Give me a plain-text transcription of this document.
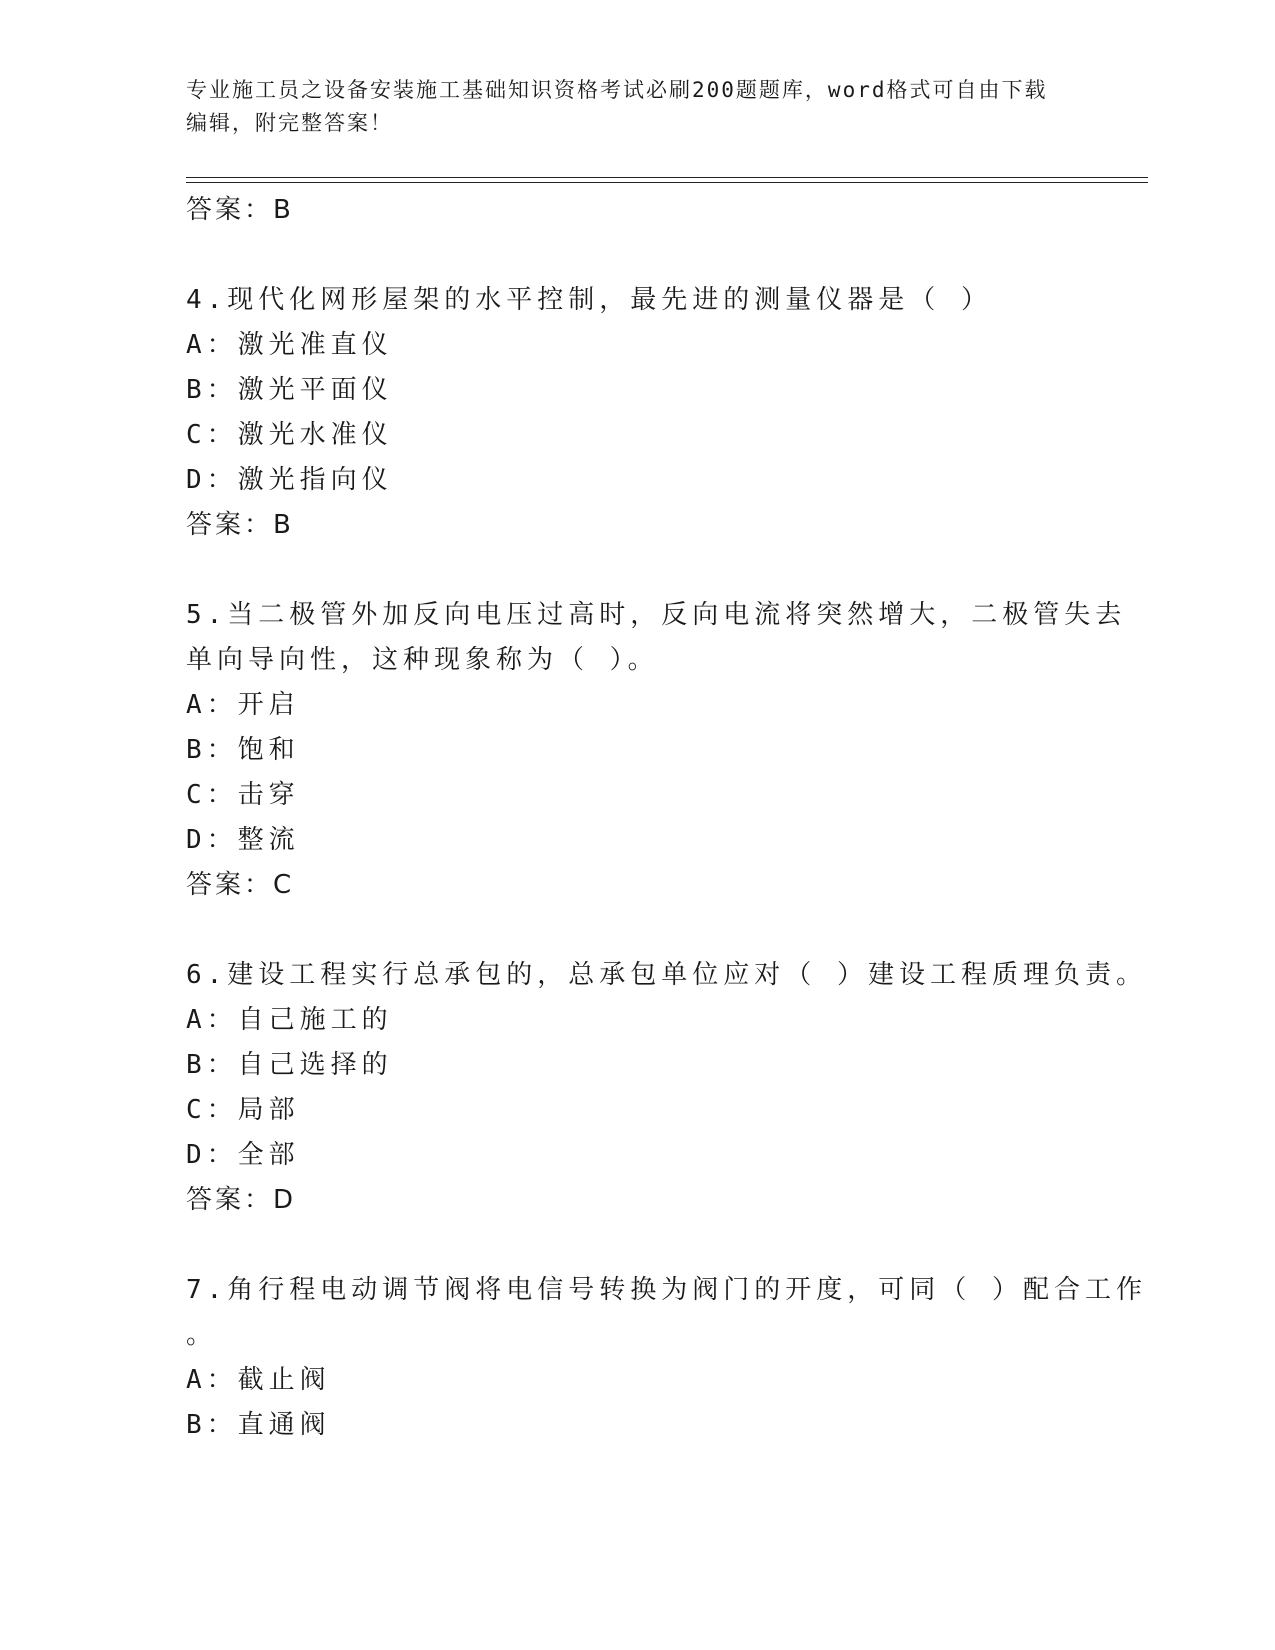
专业施工员之设备安装施工基础知识资格考试必刷200题题库，word格式可自由下载编辑，附完整答案！
答案：B
4.现代化网形屋架的水平控制，最先进的测量仪器是（ ）
A：激光准直仪
B：激光平面仪
C：激光水准仪
D：激光指向仪
答案：B
5.当二极管外加反向电压过高时，反向电流将突然增大，二极管失去
单向导向性，这种现象称为（ ）。
A：开启
B：饱和
C：击穿
D：整流
答案：C
6.建设工程实行总承包的，总承包单位应对（ ）建设工程质理负责。
A：自己施工的
B：自己选择的
C：局部
D：全部
答案：D
7.角行程电动调节阀将电信号转换为阀门的开度，可同（ ）配合工作
。
A：截止阀
B：直通阀
